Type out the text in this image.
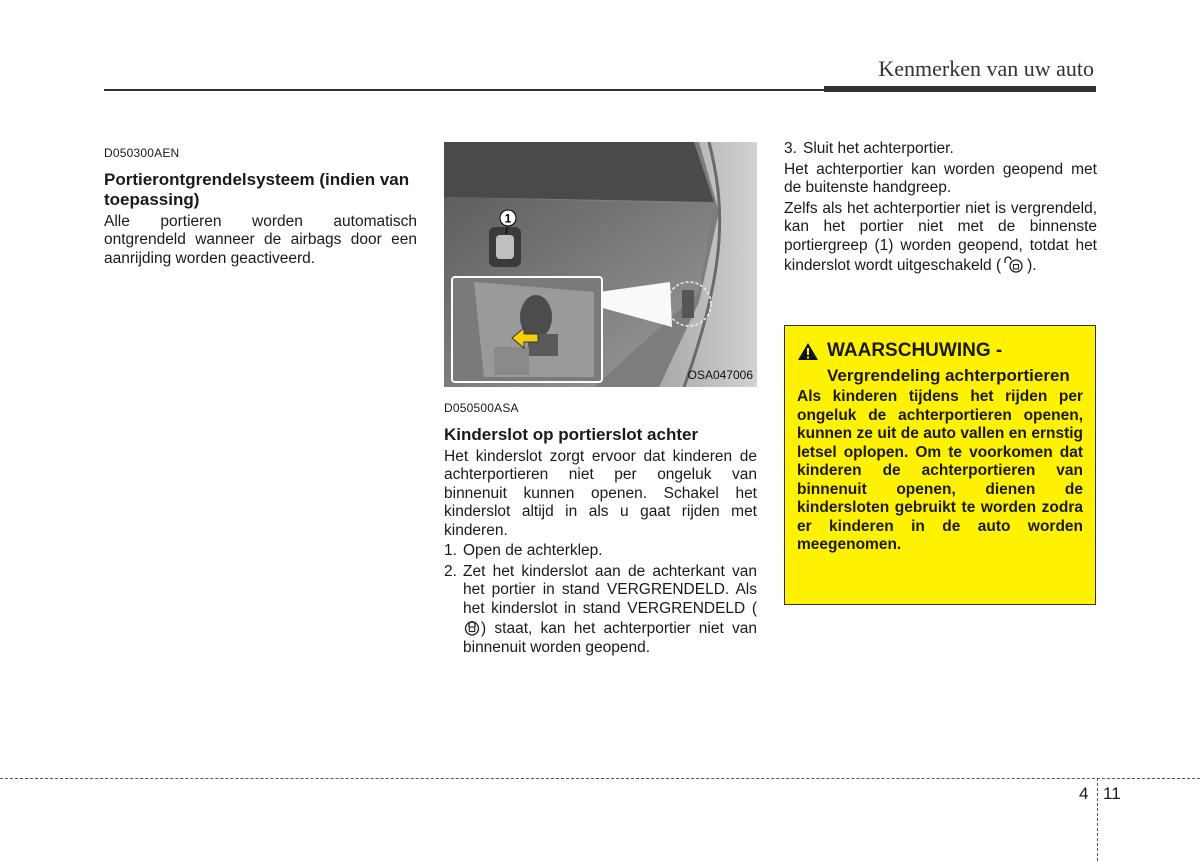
Kenmerken van uw auto
D050300AEN
Portierontgrendelsysteem (indien van toepassing)

Alle portieren worden automatisch ontgrendeld wanneer de airbags door een aanrijding worden geactiveerd.

1
OSA047006
D050500ASA
Kinderslot op portierslot achter

Het kinderslot zorgt ervoor dat kinderen de achterportieren niet per ongeluk van binnenuit kunnen openen. Schakel het kinderslot altijd in als u gaat rijden met kinderen.

1. Open de achterklep.
2. Zet het kinderslot aan de achterkant van het portier in stand VERGRENDELD. Als het kinderslot in stand VERGRENDELD () staat, kan het achterportier niet van binnenuit worden geopend.
3. Sluit het achterportier.

Het achterportier kan worden geopend met de buitenste handgreep.

Zelfs als het achterportier niet is vergrendeld, kan het portier niet met de binnenste portiergreep (1) worden geopend, totdat het kinderslot wordt uitgeschakeld ( ).

WAARSCHUWING -
Vergrendeling achterportieren
Als kinderen tijdens het rijden per ongeluk de achterportieren openen, kunnen ze uit de auto vallen en ernstig letsel oplopen. Om te voorkomen dat kinderen de achterportieren van binnenuit openen, dienen de kindersloten gebruikt te worden zodra er kinderen in de auto worden meegenomen.
4 11
